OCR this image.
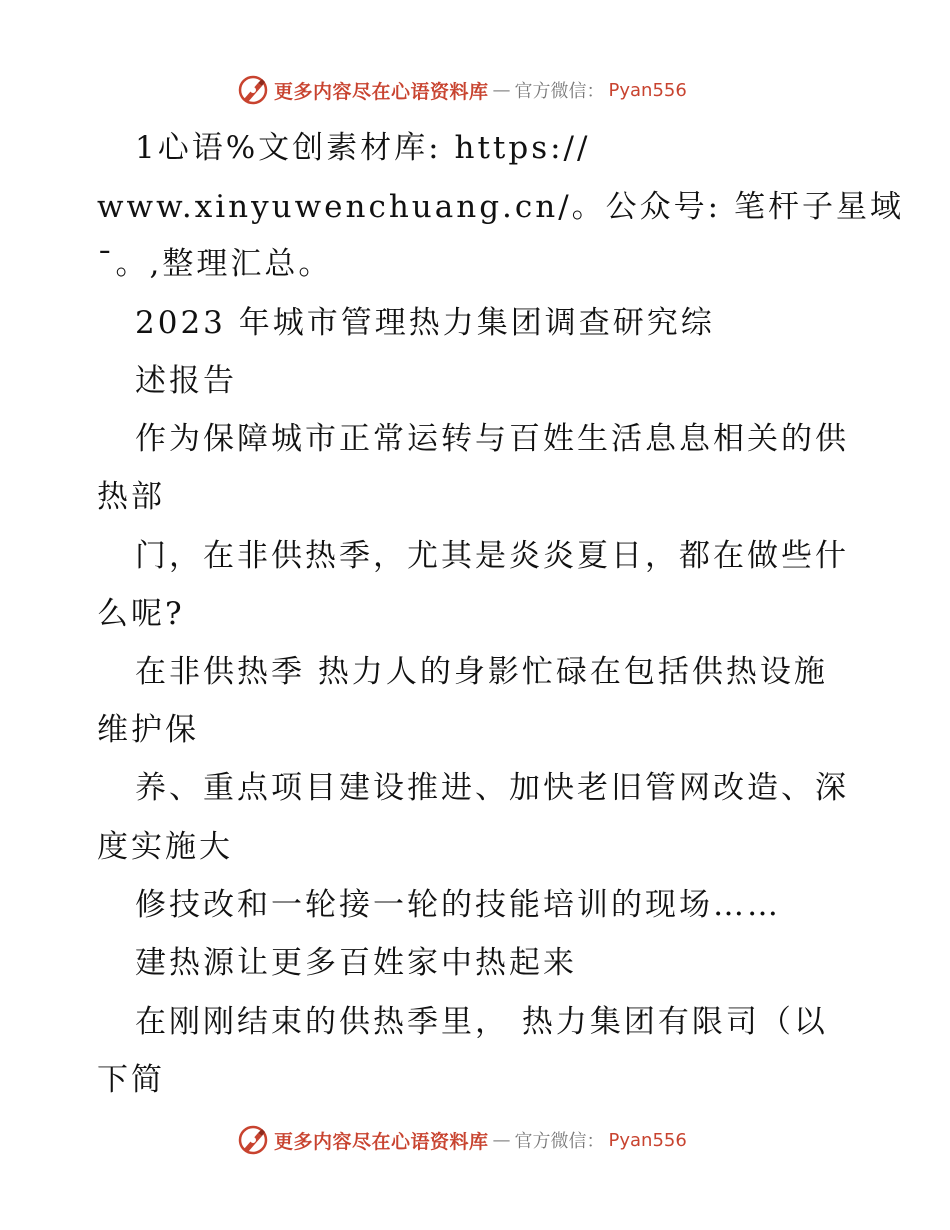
更多内容尽在心语资料库 — 官方微信： Pyan556
1心语%文创素材库: https://
www.xinyuwenchuang.cn/。公众号: 笔杆子星域
¯。,整理汇总。
2023 年城市管理热力集团调查研究综
述报告
作为保障城市正常运转与百姓生活息息相关的供
热部
门，在非供热季，尤其是炎炎夏日，都在做些什
么呢?
在非供热季 热力人的身影忙碌在包括供热设施
维护保
养、重点项目建设推进、加快老旧管网改造、深
度实施大
修技改和一轮接一轮的技能培训的现场……
建热源让更多百姓家中热起来
在刚刚结束的供热季里， 热力集团有限司（以
下简
更多内容尽在心语资料库 — 官方微信： Pyan556
